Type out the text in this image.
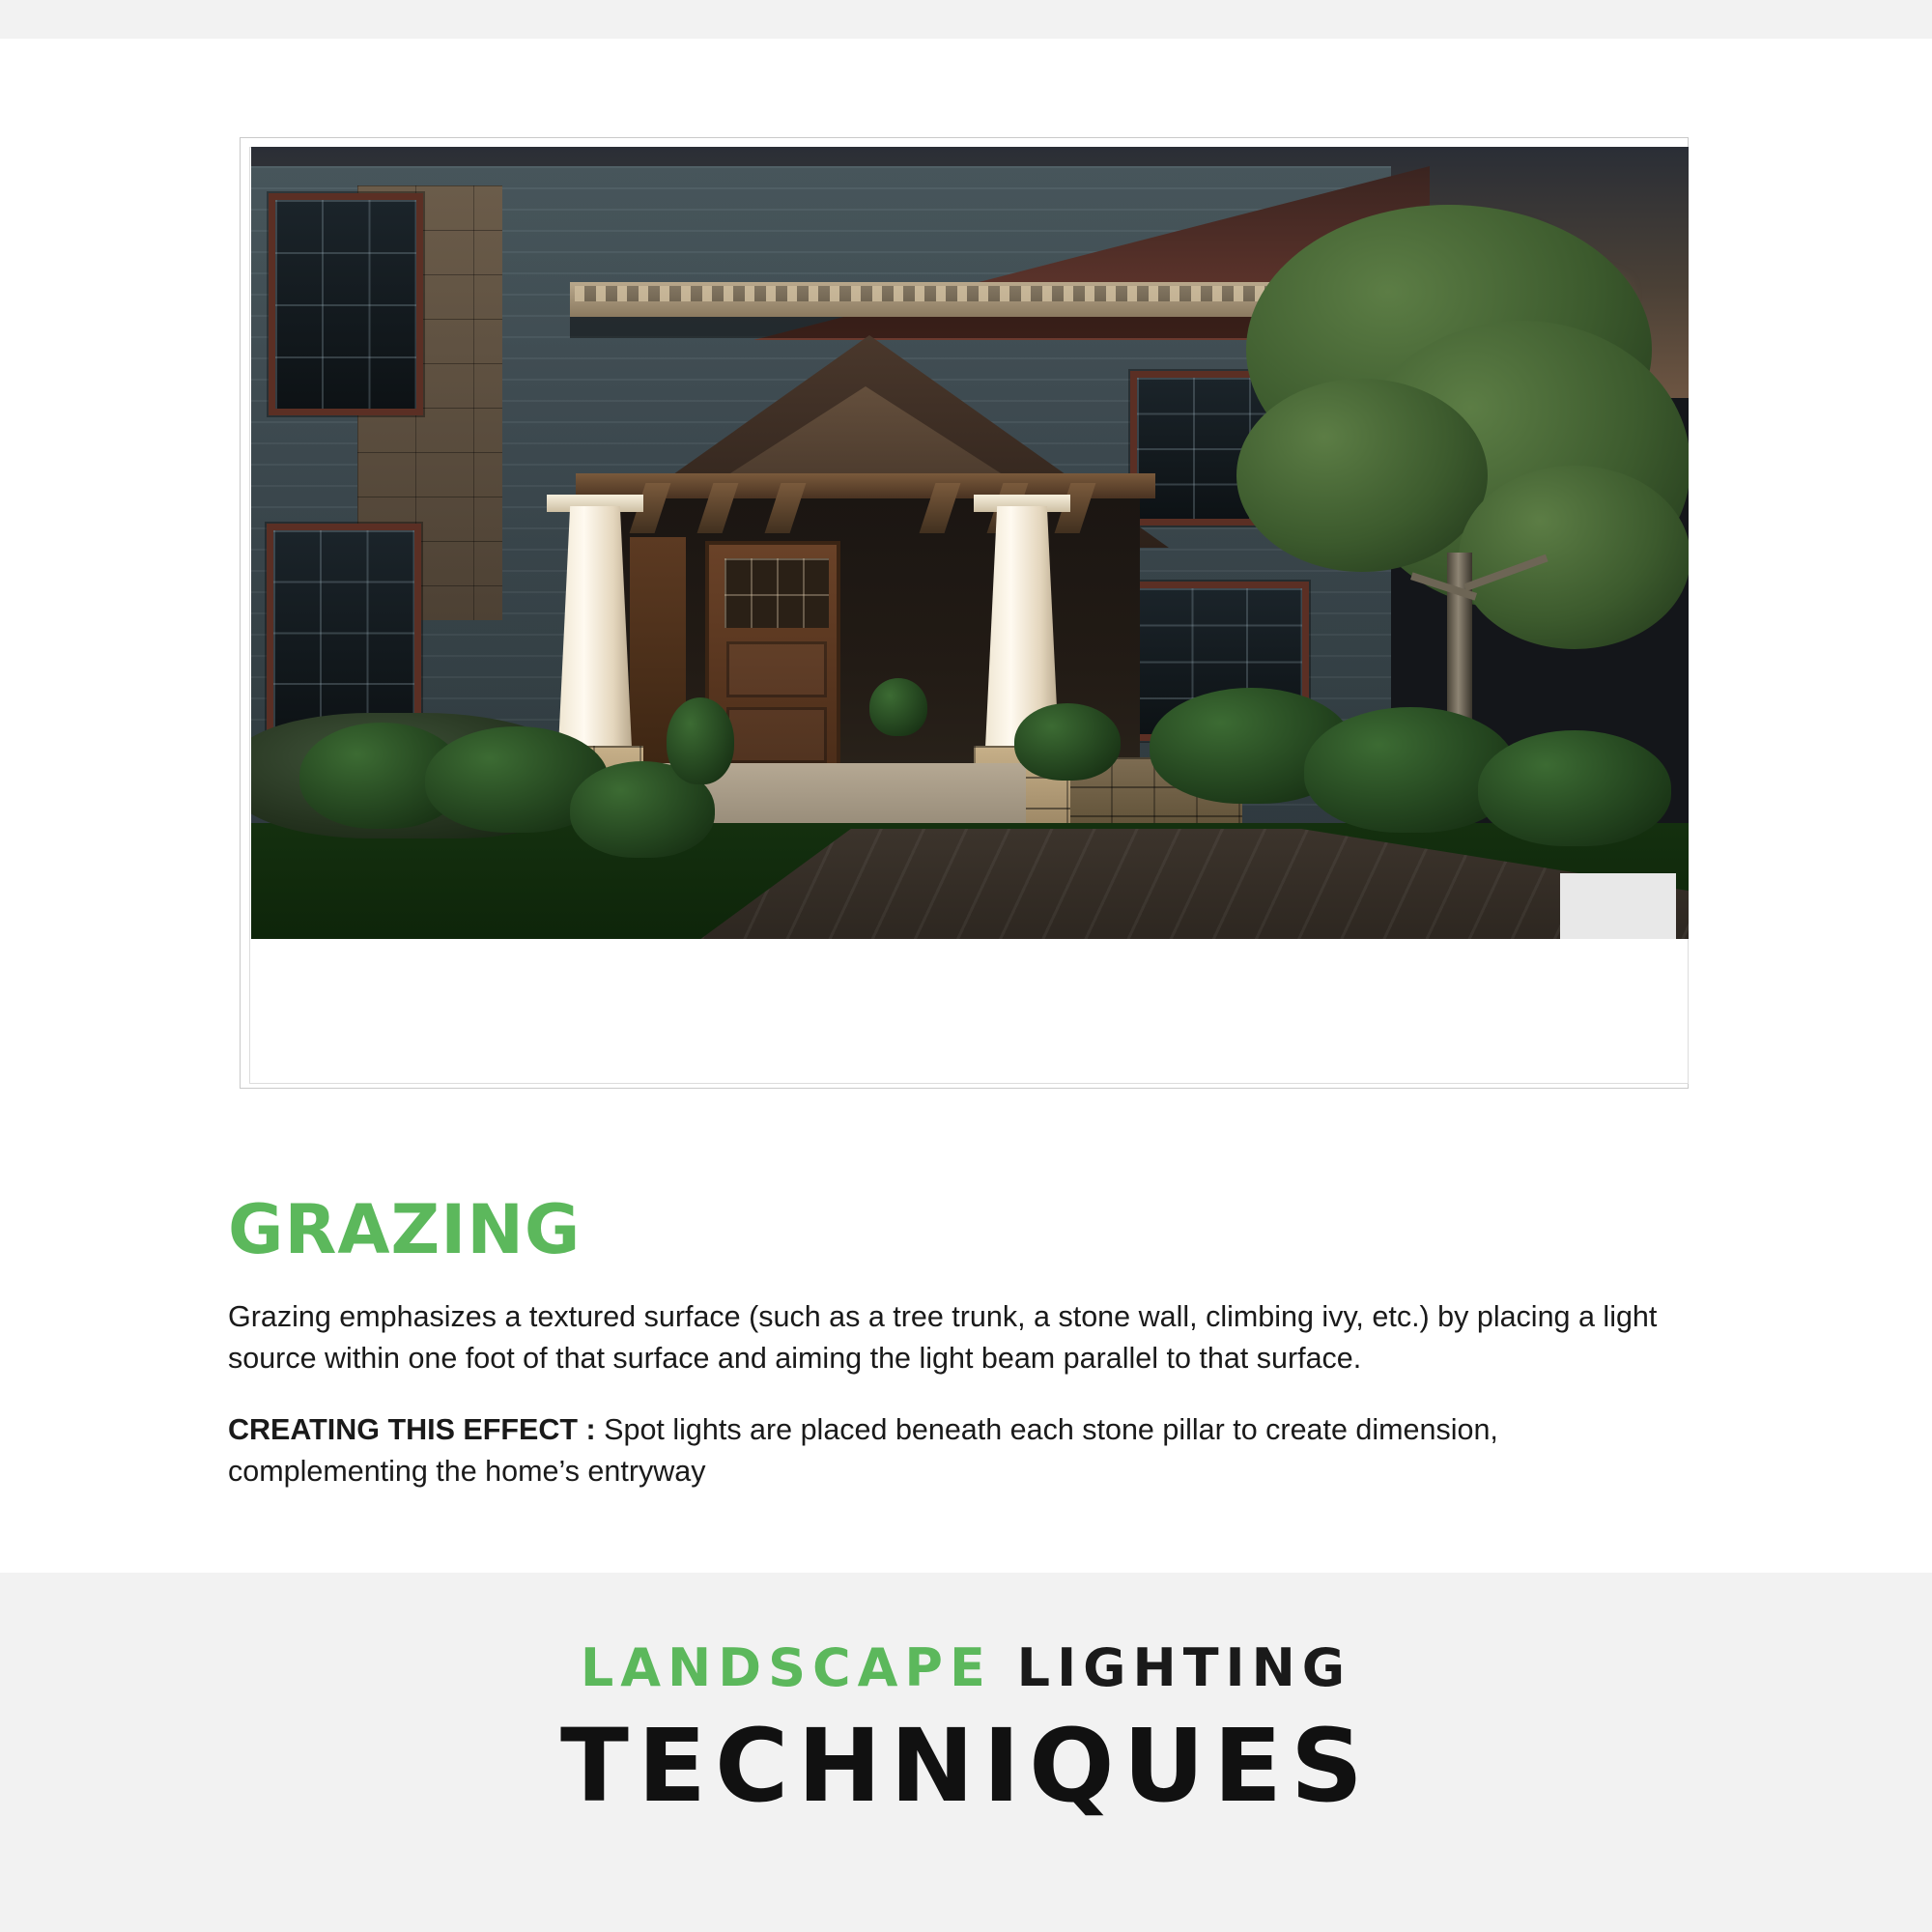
GRAZING

Grazing emphasizes a textured surface (such as a tree trunk, a stone wall, climbing ivy, etc.) by placing a light source within one foot of that surface and aiming the light beam parallel to that surface.

CREATING THIS EFFECT : Spot lights are placed beneath each stone pillar to create dimension, complementing the home’s entryway

LANDSCAPE LIGHTING
TECHNIQUES
